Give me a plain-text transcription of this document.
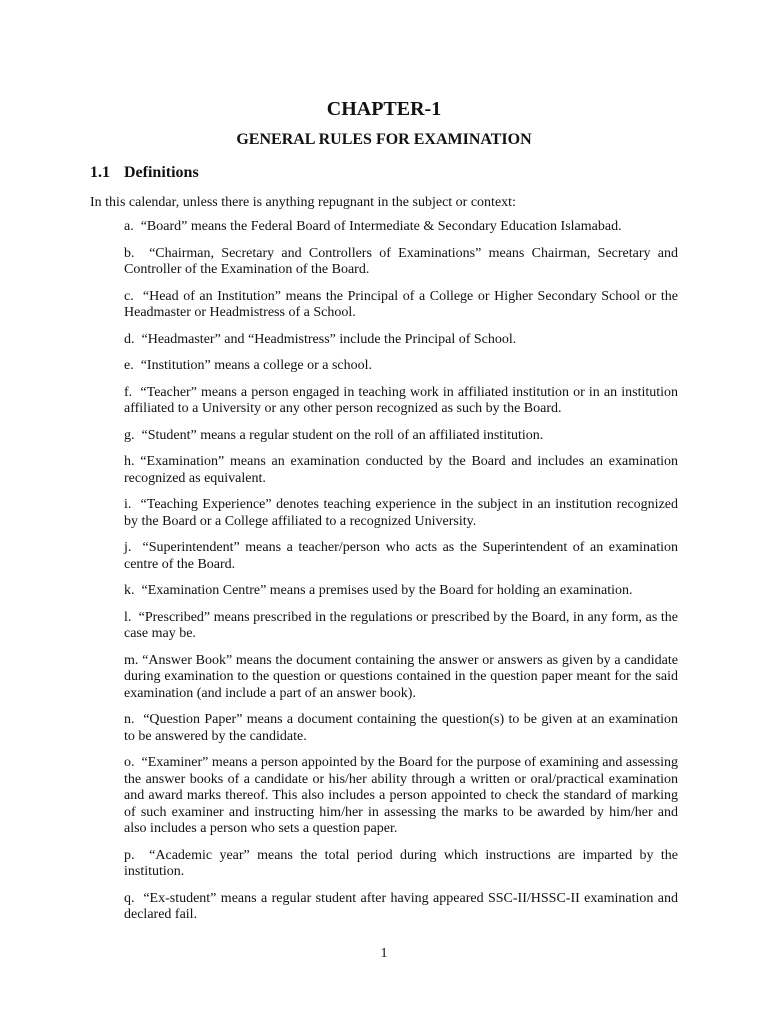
CHAPTER-1
GENERAL RULES FOR EXAMINATION
1.1 Definitions

In this calendar, unless there is anything repugnant in the subject or context:

a. “Board” means the Federal Board of Intermediate & Secondary Education Islamabad.
b. “Chairman, Secretary and Controllers of Examinations” means Chairman, Secretary and Controller of the Examination of the Board.
c. “Head of an Institution” means the Principal of a College or Higher Secondary School or the Headmaster or Headmistress of a School.
d. “Headmaster” and “Headmistress” include the Principal of School.
e. “Institution” means a college or a school.
f. “Teacher” means a person engaged in teaching work in affiliated institution or in an institution affiliated to a University or any other person recognized as such by the Board.
g. “Student” means a regular student on the roll of an affiliated institution.
h. “Examination” means an examination conducted by the Board and includes an examination recognized as equivalent.
i. “Teaching Experience” denotes teaching experience in the subject in an institution recognized by the Board or a College affiliated to a recognized University.
j. “Superintendent” means a teacher/person who acts as the Superintendent of an examination centre of the Board.
k. “Examination Centre” means a premises used by the Board for holding an examination.
l. “Prescribed” means prescribed in the regulations or prescribed by the Board, in any form, as the case may be.
m. “Answer Book” means the document containing the answer or answers as given by a candidate during examination to the question or questions contained in the question paper meant for the said examination (and include a part of an answer book).
n. “Question Paper” means a document containing the question(s) to be given at an examination to be answered by the candidate.
o. “Examiner” means a person appointed by the Board for the purpose of examining and assessing the answer books of a candidate or his/her ability through a written or oral/practical examination and award marks thereof. This also includes a person appointed to check the standard of marking of such examiner and instructing him/her in assessing the marks to be awarded by him/her and also includes a person who sets a question paper.
p. “Academic year” means the total period during which instructions are imparted by the institution.
q. “Ex-student” means a regular student after having appeared SSC-II/HSSC-II examination and declared fail.
1
